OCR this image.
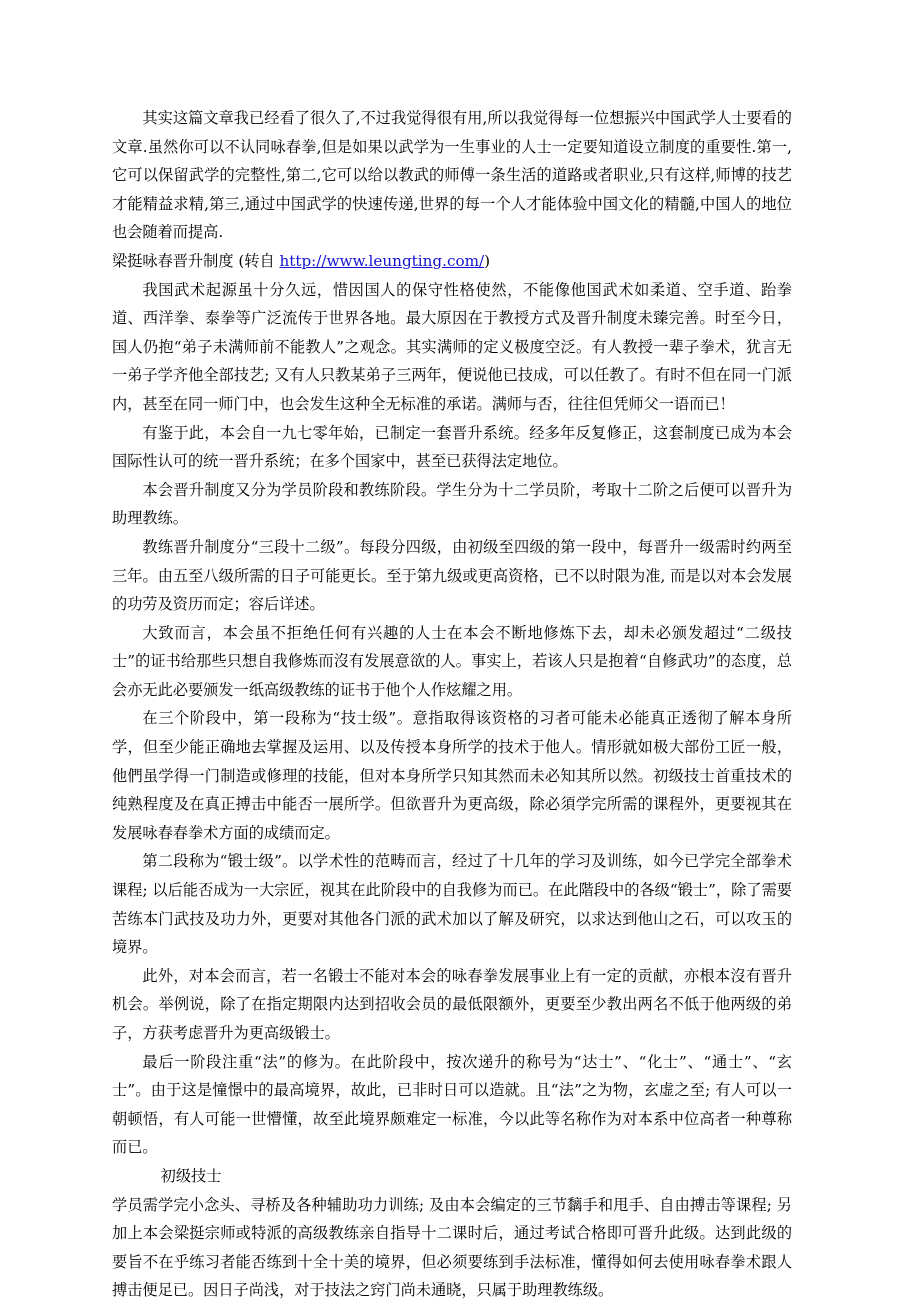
其实这篇文章我已经看了很久了,不过我觉得很有用,所以我觉得每一位想振兴中国武学人士要看的文章.虽然你可以不认同咏春拳,但是如果以武学为一生事业的人士一定要知道设立制度的重要性.第一,它可以保留武学的完整性,第二,它可以给以教武的师傅一条生活的道路或者职业,只有这样,师博的技艺才能精益求精,第三,通过中国武学的快速传递,世界的每一个人才能体验中国文化的精髓,中国人的地位也会随着而提高.

梁挺咏春晋升制度 (转自 http://www.leungting.com/)

我国武术起源虽十分久远，惜因国人的保守性格使然，不能像他国武术如柔道、空手道、跆拳道、西洋拳、泰拳等广泛流传于世界各地。最大原因在于教授方式及晋升制度未臻完善。时至今日，国人仍抱“弟子未满师前不能教人”之观念。其实满师的定义极度空泛。有人教授一辈子拳术，犹言无一弟子学齐他全部技艺; 又有人只教某弟子三两年，便说他已技成，可以任教了。有时不但在同一门派内，甚至在同一师门中，也会发生这种全无标准的承诺。满师与否，往往但凭师父一语而已！

有鉴于此，本会自一九七零年始，已制定一套晋升系统。经多年反复修正，这套制度已成为本会国际性认可的统一晋升系统；在多个国家中，甚至已获得法定地位。

本会晋升制度又分为学员阶段和教练阶段。学生分为十二学员阶，考取十二阶之后便可以晋升为助理教练。

教练晋升制度分“三段十二级”。每段分四级，由初级至四级的第一段中，每晋升一级需时约两至三年。由五至八级所需的日子可能更长。至于第九级或更高资格，已不以时限为准, 而是以对本会发展的功劳及资历而定；容后详述。

大致而言，本会虽不拒绝任何有兴趣的人士在本会不断地修炼下去，却未必颁发超过“二级技士”的证书给那些只想自我修炼而沒有发展意欲的人。事实上，若该人只是抱着“自修武功”的态度，总会亦无此必要颁发一纸高级教练的证书于他个人作炫耀之用。

在三个阶段中，第一段称为“技士级”。意指取得该资格的习者可能未必能真正透彻了解本身所学，但至少能正确地去掌握及运用、以及传授本身所学的技术于他人。情形就如极大部份工匠一般，他們虽学得一门制造或修理的技能，但对本身所学只知其然而未必知其所以然。初级技士首重技术的纯熟程度及在真正搏击中能否一展所学。但欲晋升为更高级，除必須学完所需的课程外，更要视其在发展咏春春拳术方面的成绩而定。

第二段称为“锻士级”。以学术性的范畴而言，经过了十几年的学习及训练，如今已学完全部拳术课程; 以后能否成为一大宗匠，视其在此阶段中的自我修为而已。在此階段中的各级“锻士”，除了需要苦练本门武技及功力外，更要对其他各门派的武术加以了解及研究，以求达到他山之石，可以攻玉的境界。

此外，对本会而言，若一名锻士不能对本会的咏春拳发展事业上有一定的贡献，亦根本沒有晋升机会。举例说，除了在指定期限内达到招收会员的最低限额外，更要至少教出两名不低于他两级的弟子，方获考虑晋升为更高级锻士。

最后一阶段注重“法”的修为。在此阶段中，按次递升的称号为“达士”、“化士”、“通士”、“玄士”。由于这是憧憬中的最高境界，故此，已非时日可以造就。且“法”之为物，玄虚之至; 有人可以一朝顿悟，有人可能一世懵懂，故至此境界颇难定一标准，今以此等名称作为对本系中位高者一种尊称而已。

初级技士

学员需学完小念头、寻桥及各种辅助功力训练; 及由本会编定的三节黐手和甩手、自由搏击等课程; 另加上本会梁挺宗师或特派的高级教练亲自指导十二课时后，通过考试合格即可晋升此级。达到此级的要旨不在乎练习者能否练到十全十美的境界，但必须要练到手法标准，懂得如何去使用咏春拳术跟人搏击便足已。因日子尚浅，对于技法之窍门尚未通晓，只属于助理教练级。
